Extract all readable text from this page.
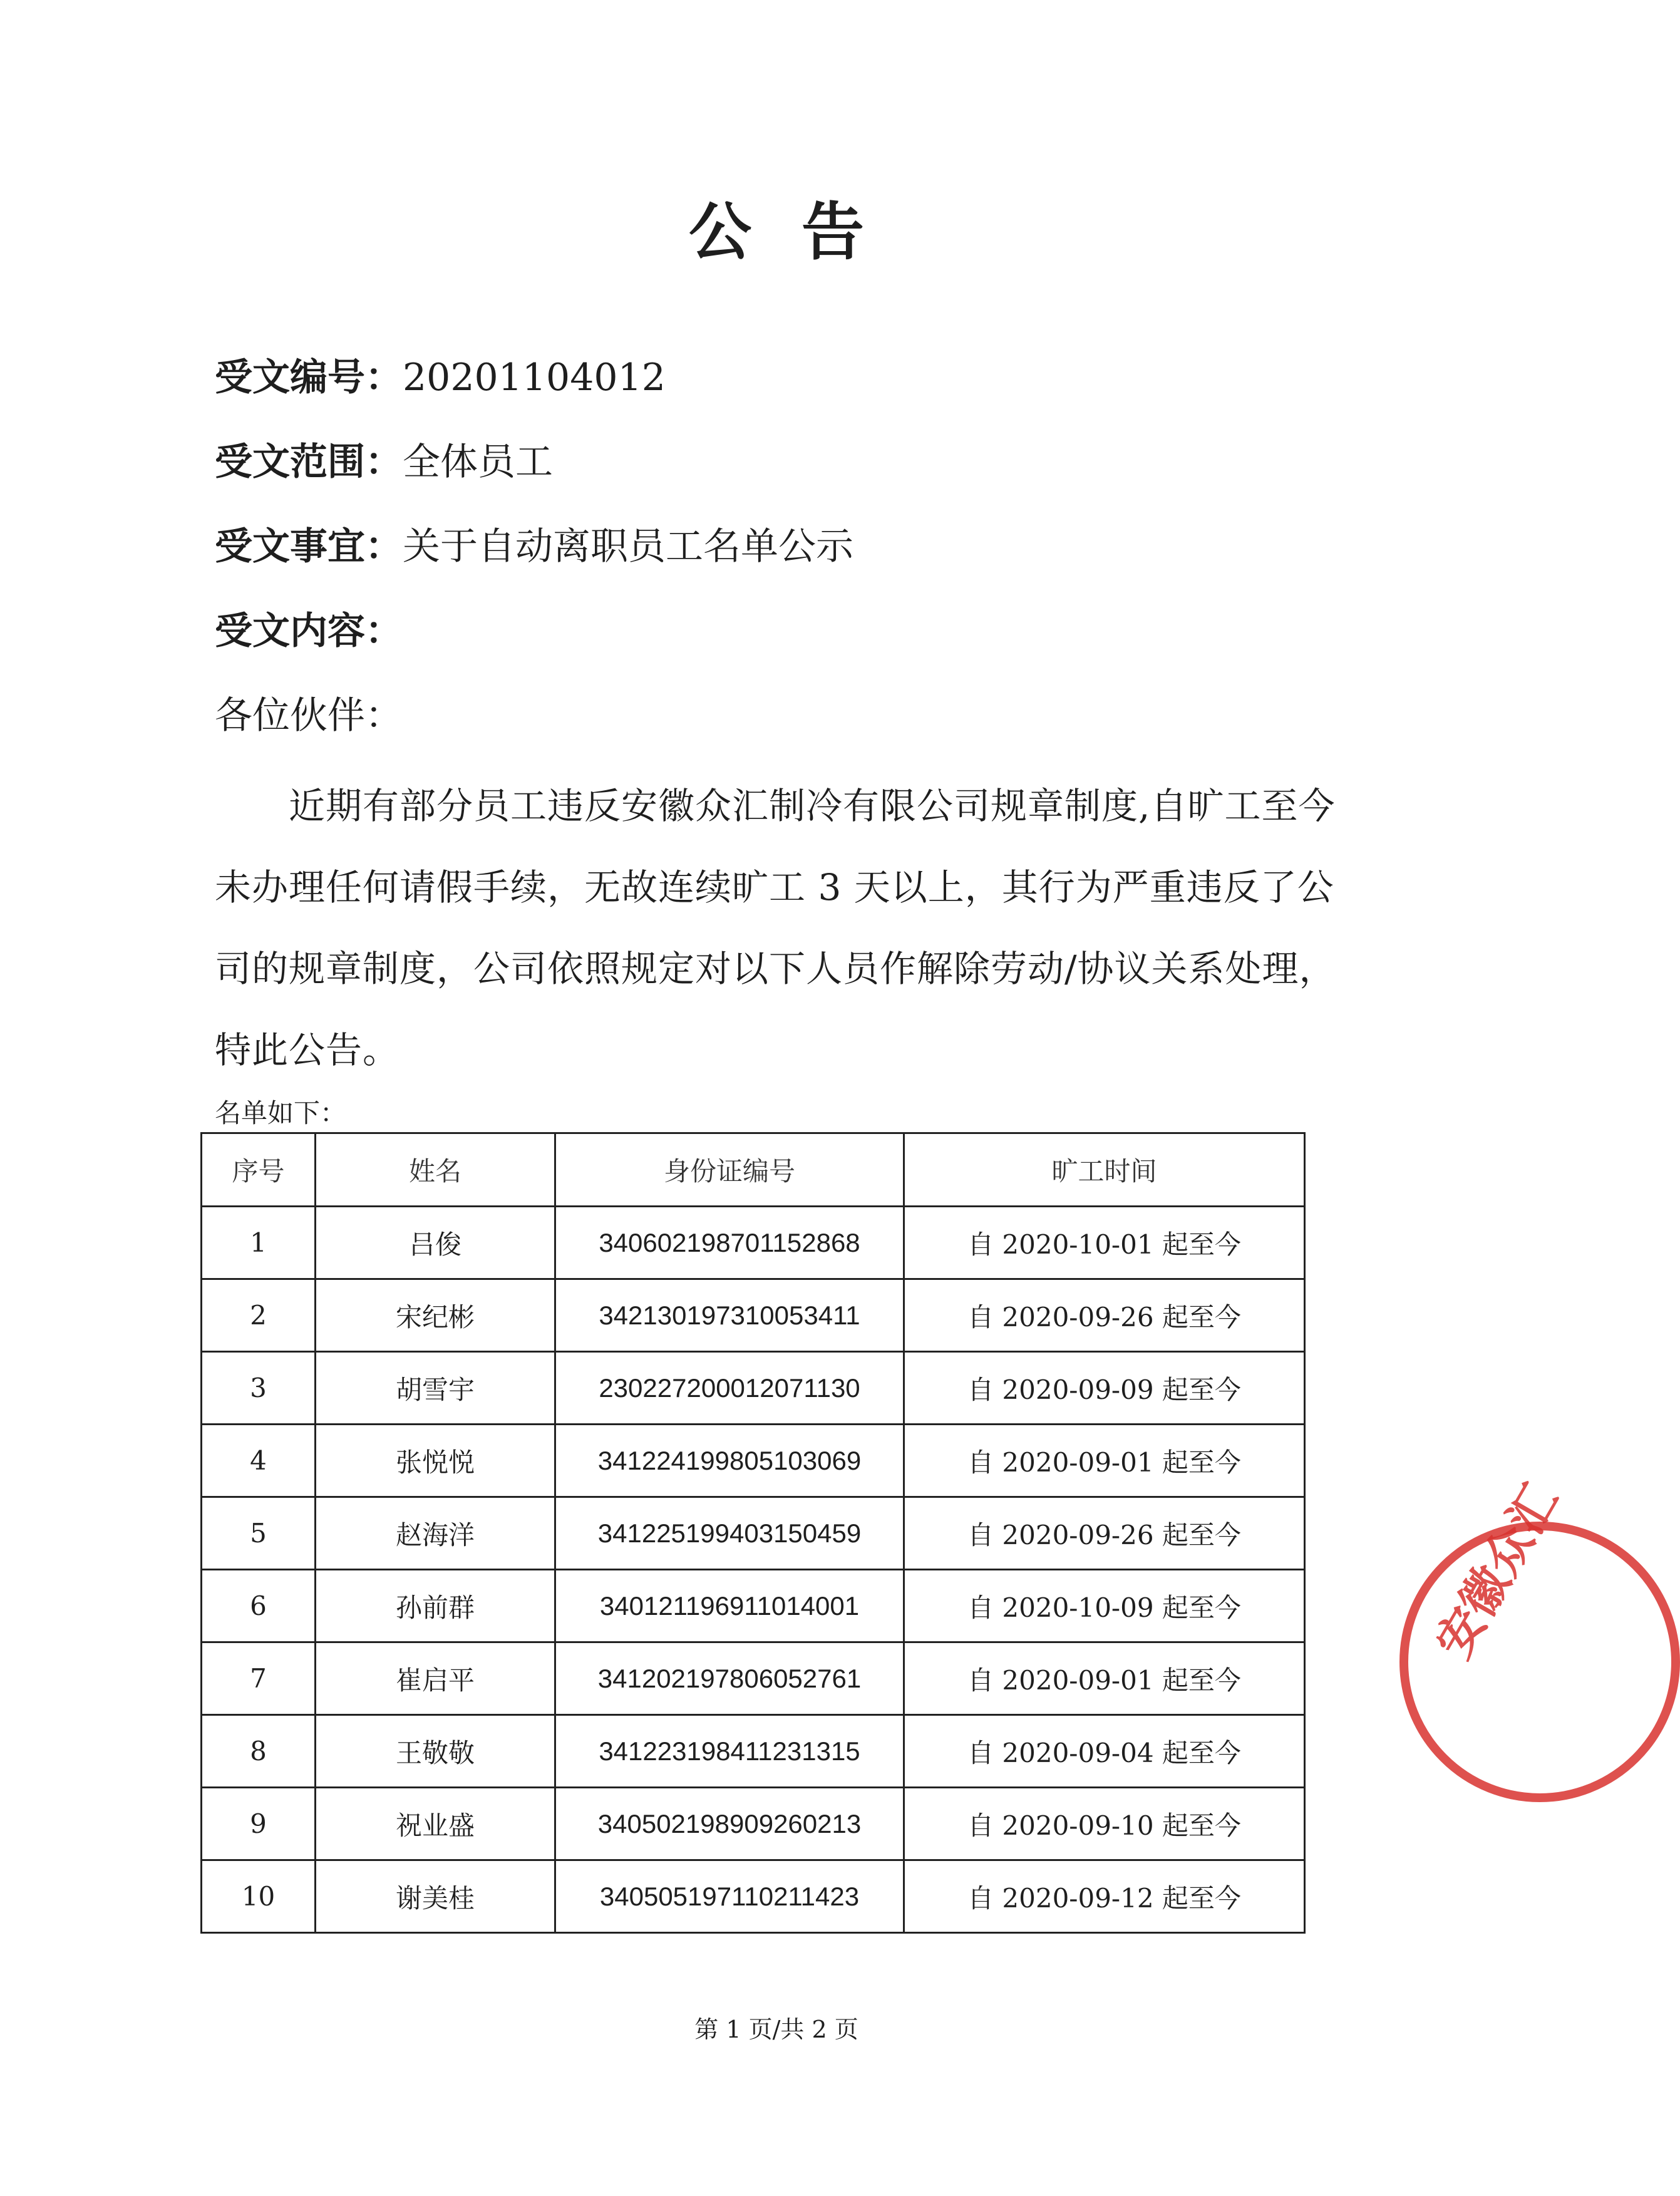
公告
受文编号：20201104012
受文范围：全体员工
受文事宜：关于自动离职员工名单公示
受文内容：
各位伙伴：
近期有部分员工违反安徽众汇制冷有限公司规章制度,自旷工至今未办理任何请假手续，无故连续旷工 3 天以上，其行为严重违反了公司的规章制度，公司依照规定对以下人员作解除劳动/协议关系处理，特此公告。
名单如下：
序号	姓名	身份证编号	旷工时间
1	吕俊	340602198701152868	自 2020-10-01 起至今
2	宋纪彬	342130197310053411	自 2020-09-26 起至今
3	胡雪宇	230227200012071130	自 2020-09-09 起至今
4	张悦悦	341224199805103069	自 2020-09-01 起至今
5	赵海洋	341225199403150459	自 2020-09-26 起至今
6	孙前群	340121196911014001	自 2020-10-09 起至今
7	崔启平	341202197806052761	自 2020-09-01 起至今
8	王敬敬	341223198411231315	自 2020-09-04 起至今
9	祝业盛	340502198909260213	自 2020-09-10 起至今
10	谢美桂	340505197110211423	自 2020-09-12 起至今
安徽众汇
第 1 页/共 2 页
